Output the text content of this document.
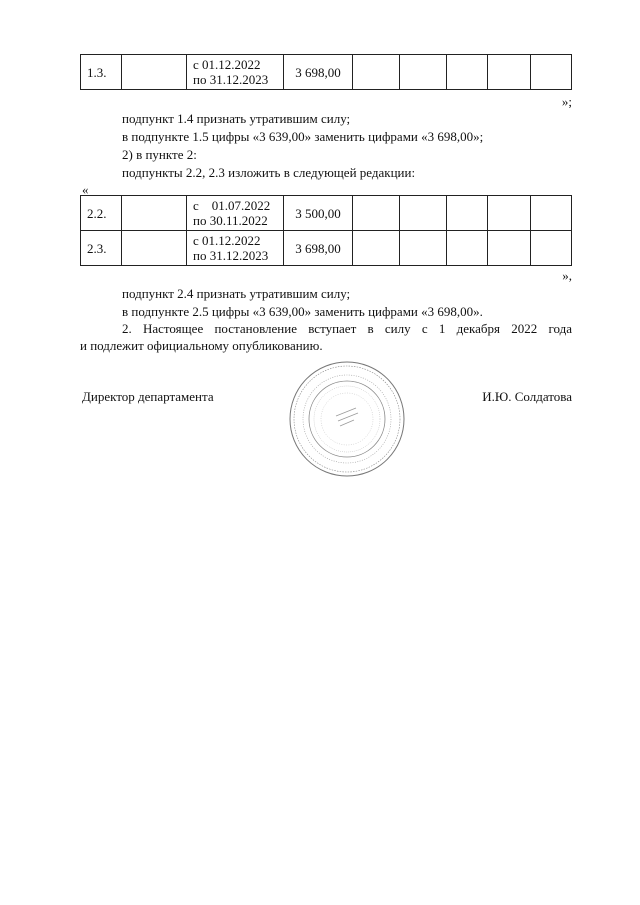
1.3.		с 01.12.2022
по 31.12.2023	3 698,00					
»;
подпункт 1.4 признать утратившим силу;
в подпункте 1.5 цифры «3 639,00» заменить цифрами «3 698,00»;
2) в пункте 2:
подпункты 2.2, 2.3 изложить в следующей редакции:
«
2.2.		с    01.07.2022
по 30.11.2022	3 500,00					
2.3.		с 01.12.2022
по 31.12.2023	3 698,00					
»,
подпункт 2.4 признать утратившим силу;
в подпункте 2.5 цифры «3 639,00» заменить цифрами «3 698,00».
2. Настоящее постановление вступает в силу с 1 декабря 2022 года
и подлежит официальному опубликованию.
Директор департамента	И.Ю. Солдатова
